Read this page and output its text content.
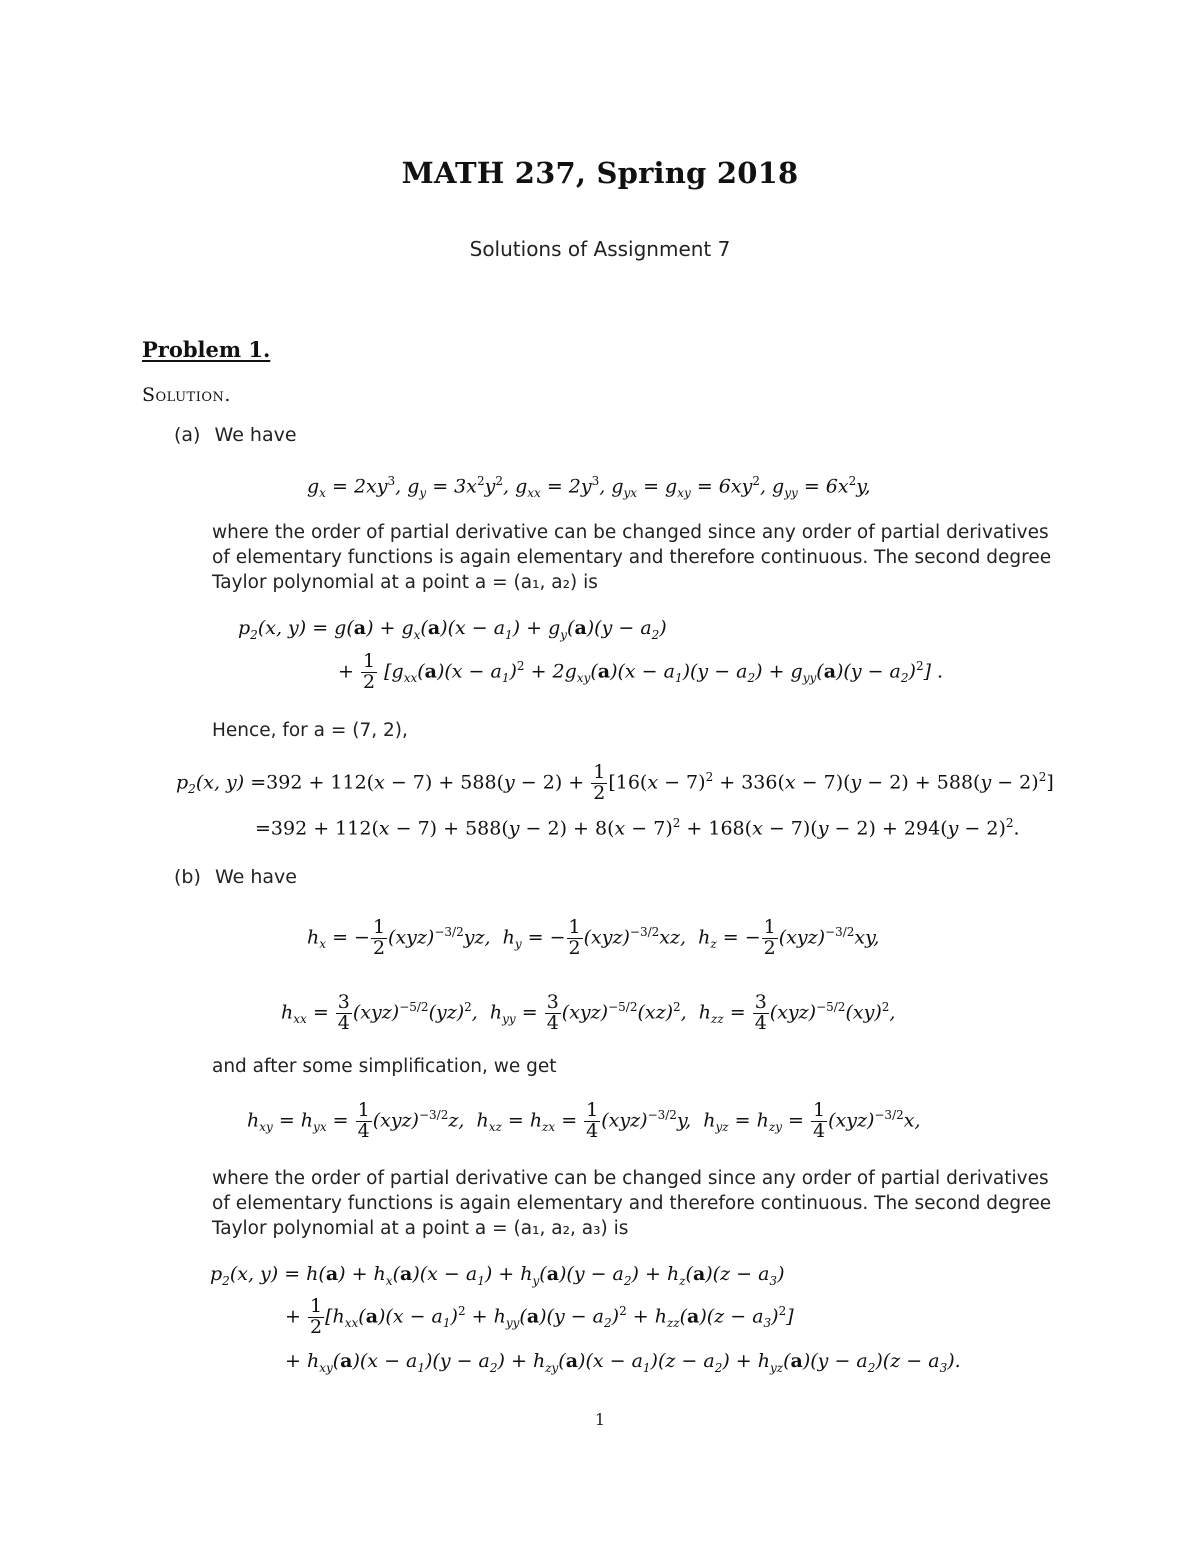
MATH 237, Spring 2018
Solutions of Assignment 7
Problem 1.
Solution.
(a) We have
$g_x = 2xy^3$, $g_y = 3x^2y^2$, $g_{xx} = 2y^3$, $g_{yx} = g_{xy} = 6xy^2$, $g_{yy} = 6x^2y$,
where the order of partial derivative can be changed since any order of partial derivatives of elementary functions is again elementary and therefore continuous. The second degree Taylor polynomial at a point a = (a₁, a₂) is
$p_2(x$, $y) = g(a) + g_x(a)(x - a_1) + g_y(a)(y - a_2)$
+ $\frac{1}{2} [g_{xx}(a)(x - a_1)^2 + 2g_{xy}(a)(x - a_1)(y - a_2) + g_{yy}(a)(y - a_2)^2]$ .
Hence, for a = (7, 2),
$p_2(x$, $y) =392 + 112(x - 7) + 588(y - 2) + \frac{1}{2} [16(x - 7)^2 + 336(x - 7)(y - 2) + 588(y - 2)^2]$
$=392 + 112(x - 7) + 588(y - 2) + 8(x - 7)^2 + 168(x - 7)(y - 2) + 294(y - 2)^2$.
(b) We have
$h_x$ = − $\frac{1}{2} (xyz)^{-3/2}yz$,  $h_y$ = − $\frac{1}{2} (xyz)^{-3/2}xz$,  $h_z$ = − $\frac{1}{2} (xyz)^{-3/2}xy$,
$h_{xx} = \frac{3}{4} (xyz)^{-5/2}(yz)^2$,  $h_{yy} = \frac{3}{4} (xyz)^{-5/2}(xz)^2$,  $h_{zz} = \frac{3}{4} (xyz)^{-5/2}(xy)^2$,
and after some simplification, we get
$h_{xy} = h_{yx} = \frac{1}{4} (xyz)^{-3/2}z$,  $h_{xz} = h_{zx} = \frac{1}{4} (xyz)^{-3/2}y$,  $h_{yz} = h_{zy} = \frac{1}{4} (xyz)^{-3/2}x$,
where the order of partial derivative can be changed since any order of partial derivatives of elementary functions is again elementary and therefore continuous. The second degree Taylor polynomial at a point a = (a₁, a₂, a₃) is
$p_2(x$, $y) = h(a) + h_x(a)(x - a_1) + h_y(a)(y - a_2) + h_z(a)(z - a_3)$
+ $\frac{1}{2} [h_{xx}(a)(x - a_1)^2 + h_{yy}(a)(y - a_2)^2 + h_{zz}(a)(z - a_3)^2]$
+ $h_{xy}(a)(x - a_1)(y - a_2) + h_{zy}(a)(x - a_1)(z - a_2) + h_{yz}(a)(y - a_2)(z - a_3)$.
1
